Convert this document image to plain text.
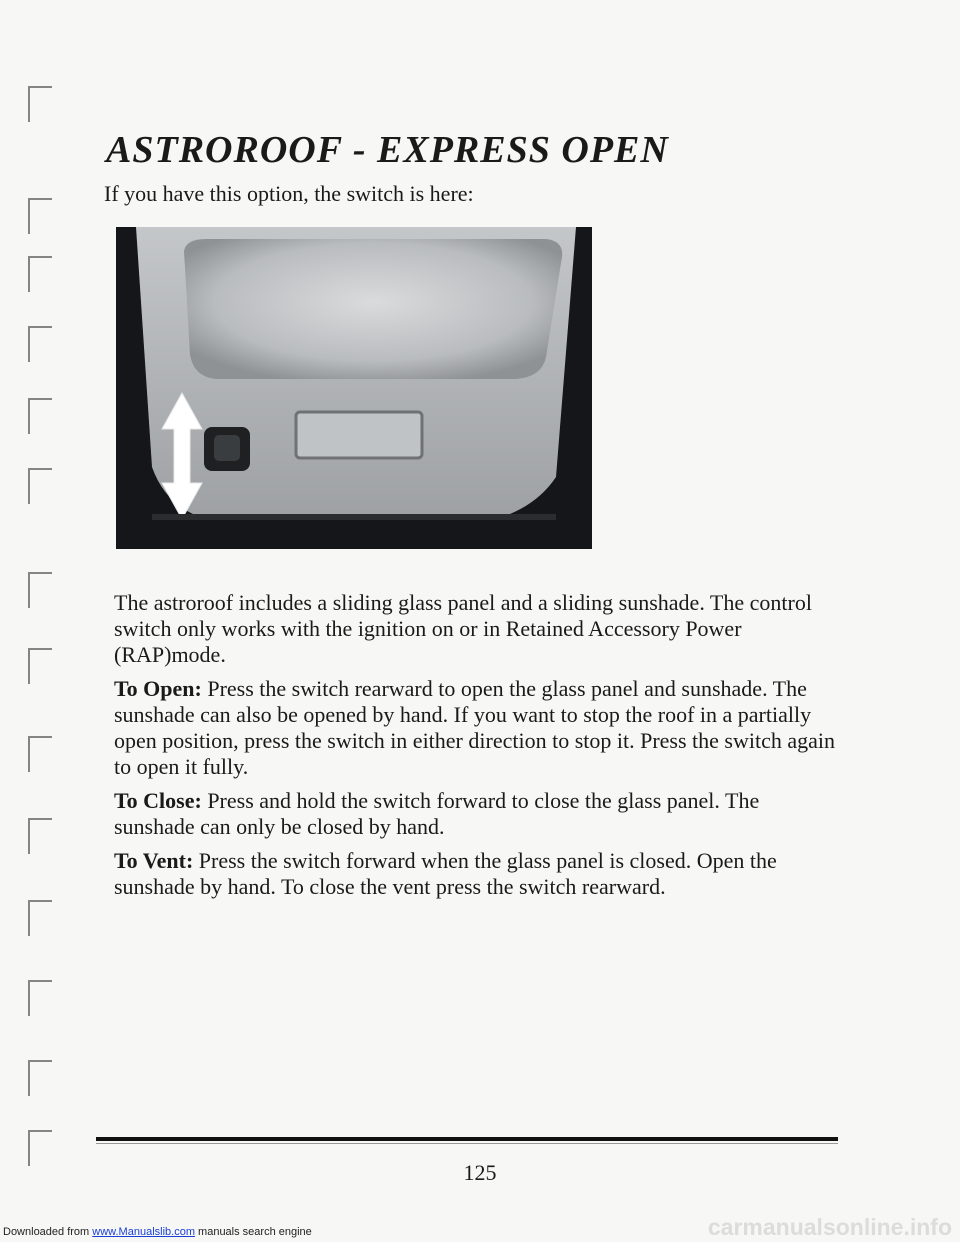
ASTROROOF - EXPRESS OPEN

If you have this option, the switch is here:

The astroroof includes a sliding glass panel and a sliding sunshade. The control switch only works with the ignition on or in Retained Accessory Power (RAP)mode.

To Open: Press the switch rearward to open the glass panel and sunshade. The sunshade can also be opened by hand. If you want to stop the roof in a partially open position, press the switch in either direction to stop it. Press the switch again to open it fully.

To Close: Press and hold the switch forward to close the glass panel. The sunshade can only be closed by hand.

To Vent: Press the switch forward when the glass panel is closed. Open the sunshade by hand. To close the vent press the switch rearward.

125

Downloaded from www.Manualslib.com manuals search engine	carmanualsonline.info
